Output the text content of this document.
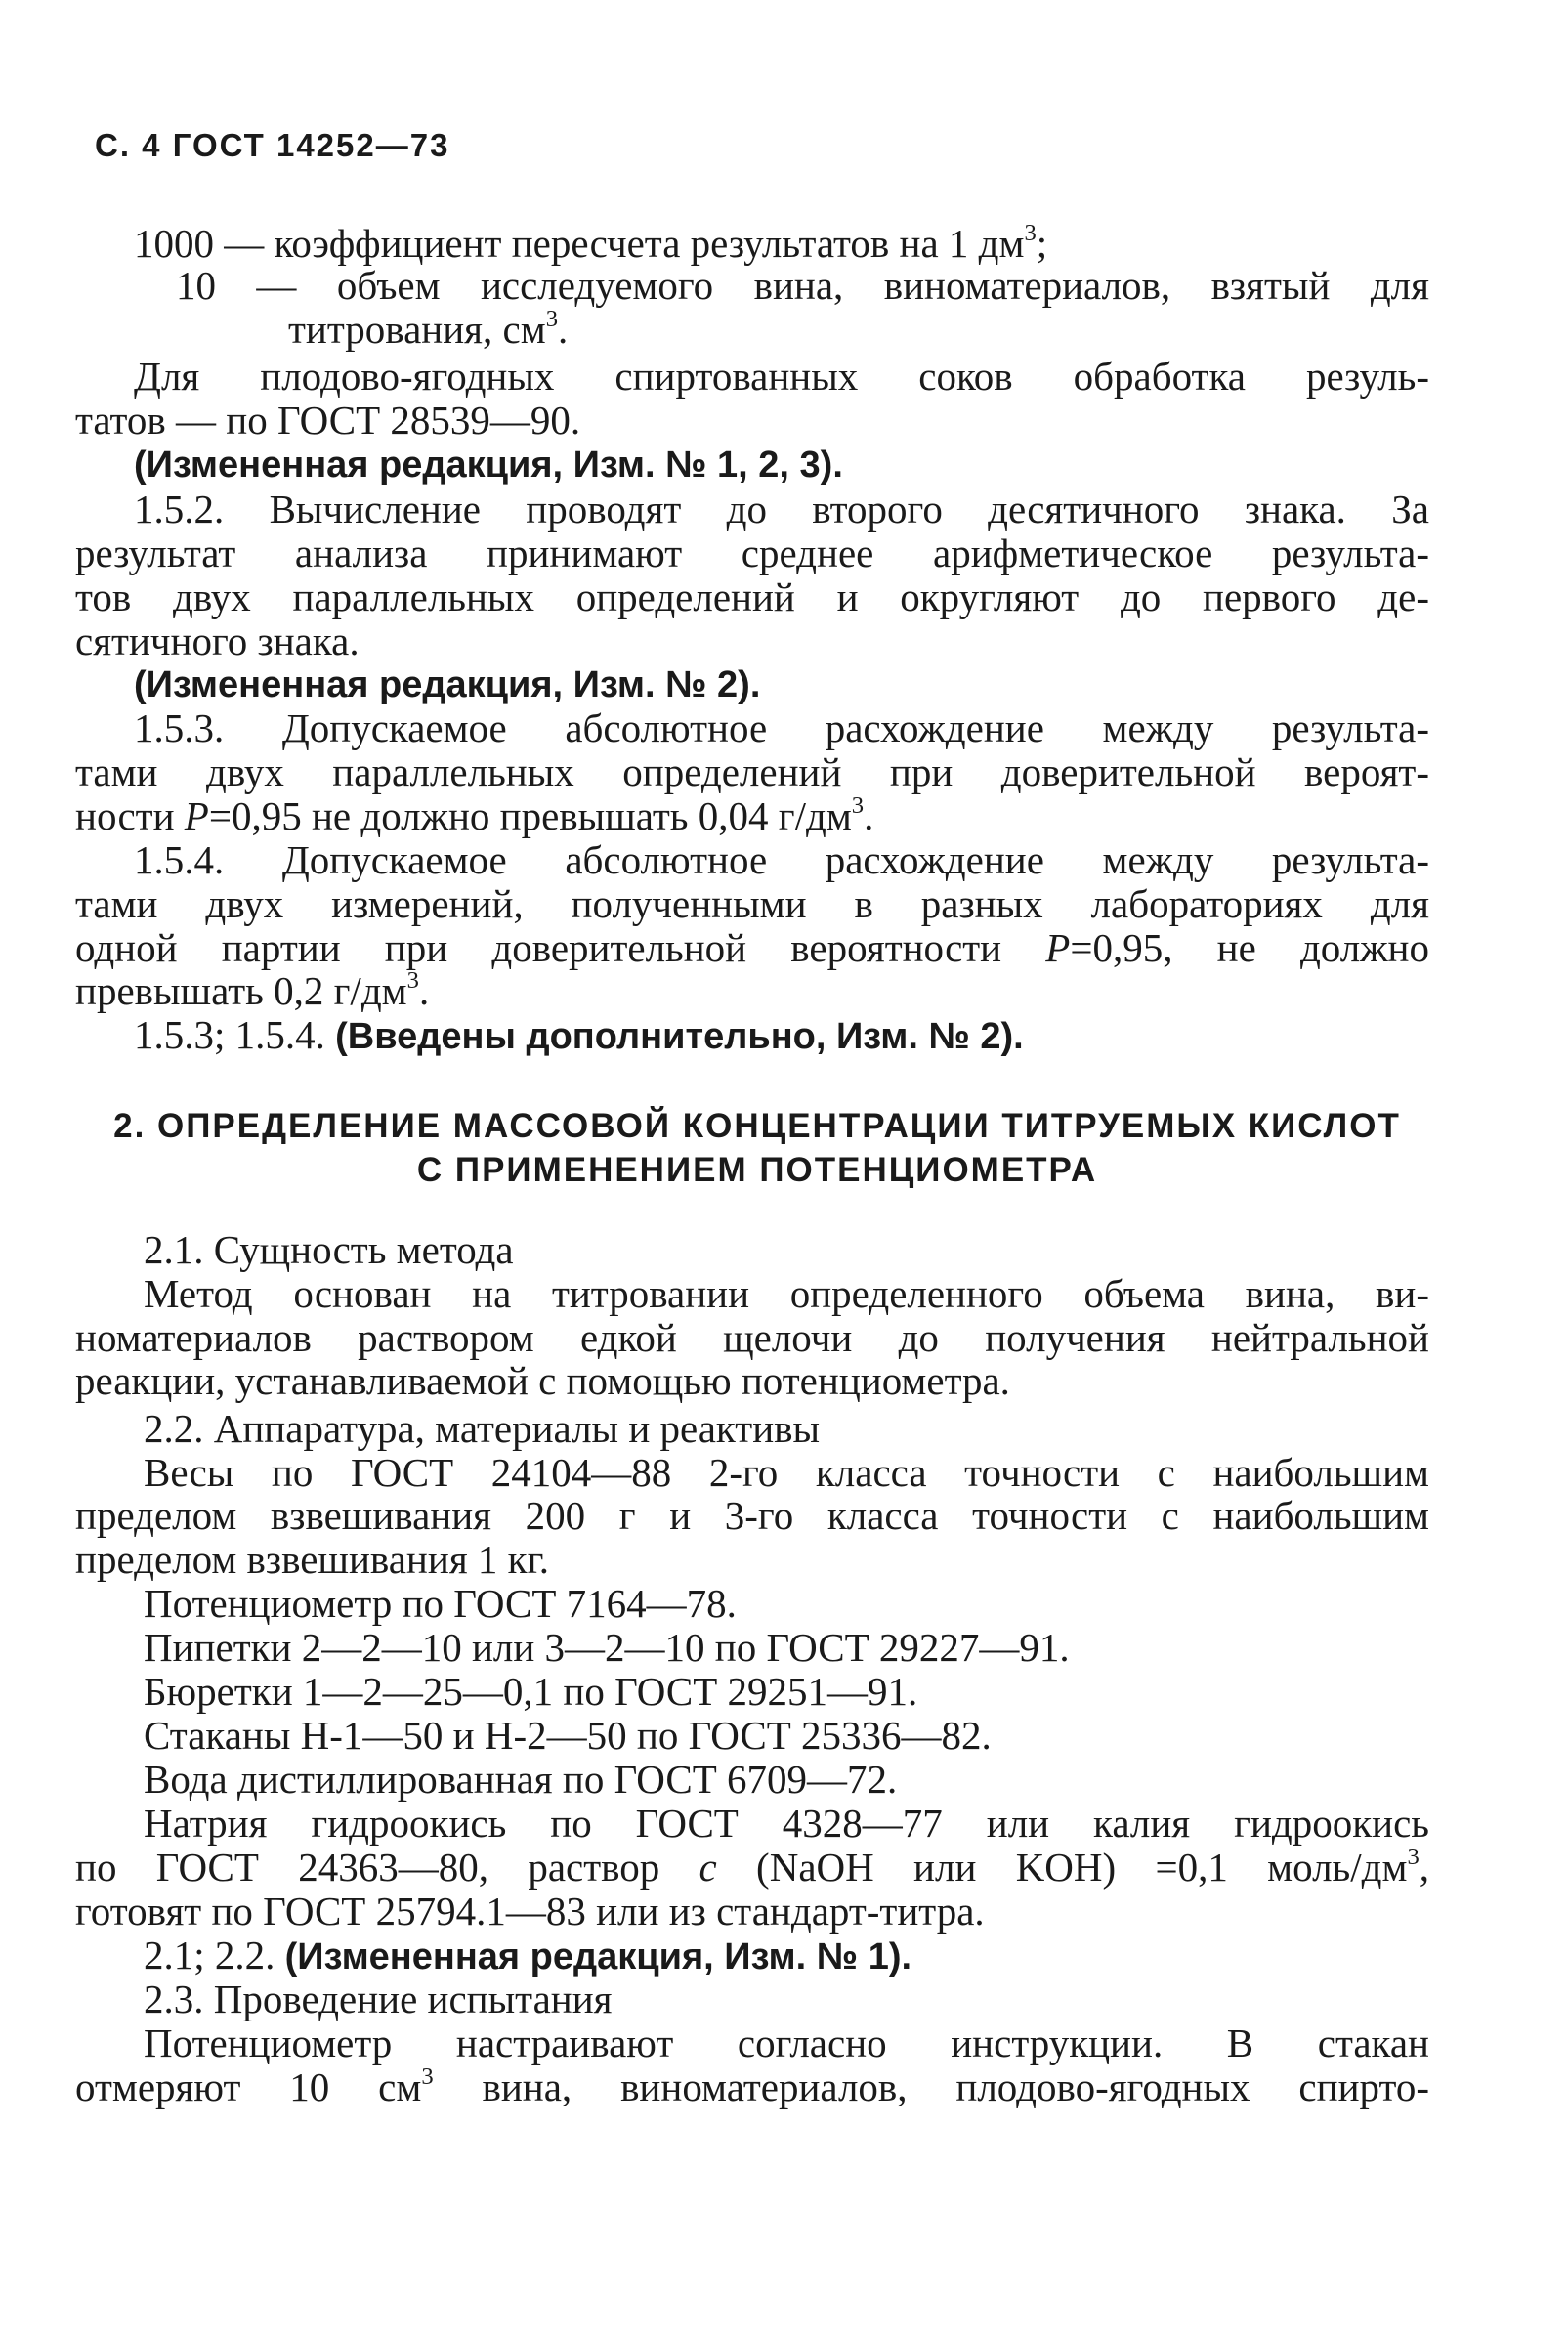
С. 4 ГОСТ 14252—73
1000 — коэффициент пересчета результатов на 1 $дм^3$;
10 — объем исследуемого вина, виноматериалов, взятый для
титрования, $см^3$.
Для плодово-ягодных спиртованных соков обработка резуль-
татов — по ГОСТ 28539—90.
(Измененная редакция, Изм. № 1, 2, 3).
1.5.2. Вычисление проводят до второго десятичного знака. За
результат анализа принимают среднее арифметическое результа-
тов двух параллельных определений и округляют до первого де-
сятичного знака.
(Измененная редакция, Изм. № 2).
1.5.3. Допускаемое абсолютное расхождение между результа-
тами двух параллельных определений при доверительной вероят-
ности P=0,95 не должно превышать 0,04 $г/дм^3$.
1.5.4. Допускаемое абсолютное расхождение между результа-
тами двух измерений, полученными в разных лабораториях для
одной партии при доверительной вероятности P=0,95, не должно
превышать 0,2 $г/дм^3$.
1.5.3; 1.5.4. (Введены дополнительно, Изм. № 2).
2. ОПРЕДЕЛЕНИЕ МАССОВОЙ КОНЦЕНТРАЦИИ ТИТРУЕМЫХ КИСЛОТ
С ПРИМЕНЕНИЕМ ПОТЕНЦИОМЕТРА
2.1. Сущность метода
Метод основан на титровании определенного объема вина, ви-
номатериалов раствором едкой щелочи до получения нейтральной
реакции, устанавливаемой с помощью потенциометра.
2.2. Аппаратура, материалы и реактивы
Весы по ГОСТ 24104—88 2-го класса точности с наибольшим
пределом взвешивания 200 г и 3-го класса точности с наибольшим
пределом взвешивания 1 кг.
Потенциометр по ГОСТ 7164—78.
Пипетки 2—2—10 или 3—2—10 по ГОСТ 29227—91.
Бюретки 1—2—25—0,1 по ГОСТ 29251—91.
Стаканы Н-1—50 и Н-2—50 по ГОСТ 25336—82.
Вода дистиллированная по ГОСТ 6709—72.
Натрия гидроокись по ГОСТ 4328—77 или калия гидроокись
по ГОСТ 24363—80, раствор c (NaOH или KOH) =0,1 моль/$дм^3$,
готовят по ГОСТ 25794.1—83 или из стандарт-титра.
2.1; 2.2. (Измененная редакция, Изм. № 1).
2.3. Проведение испытания
Потенциометр настраивают согласно инструкции. В стакан
отмеряют 10 $см^3$ вина, виноматериалов, плодово-ягодных спирто-
